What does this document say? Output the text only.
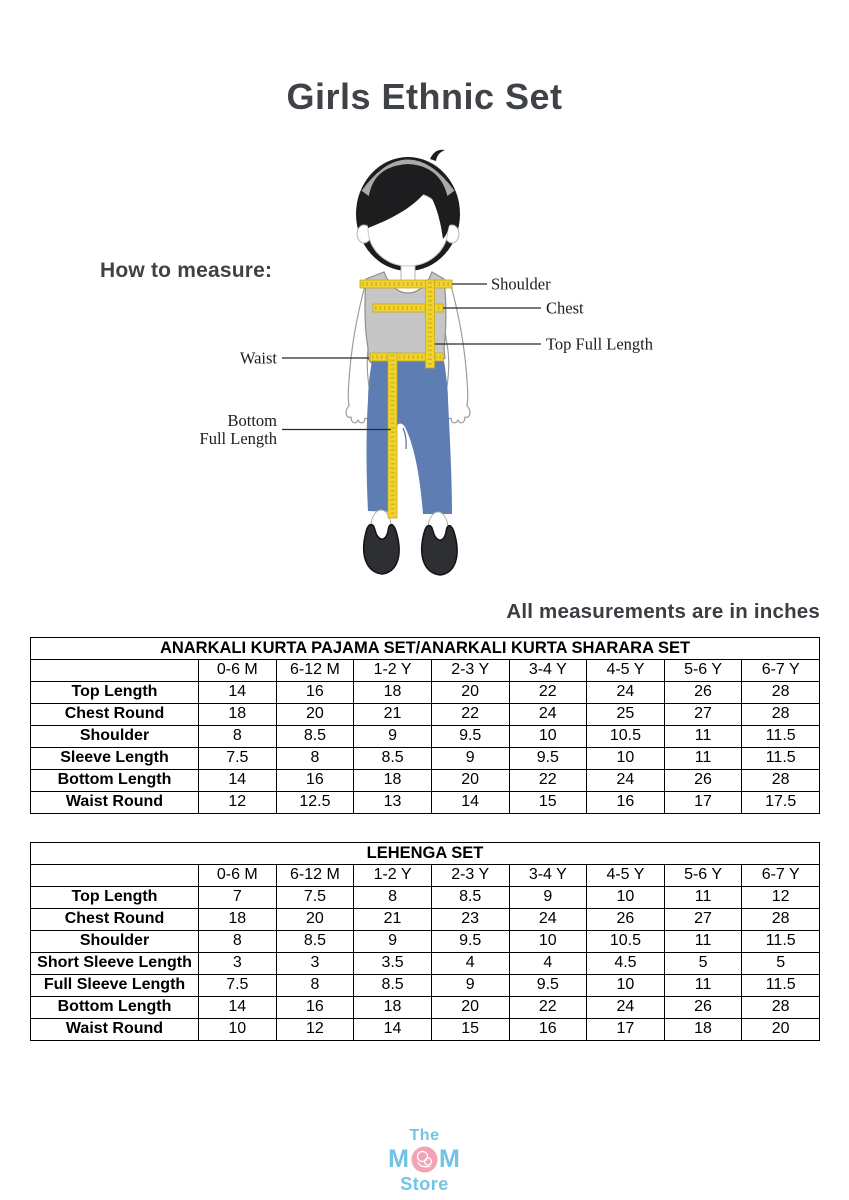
Girls Ethnic Set
How to measure:
Shoulder
Chest
Top Full Length
Waist
Bottom
Full Length
All measurements are in inches
ANARKALI KURTA PAJAMA SET/ANARKALI KURTA SHARARA SET								
	0-6 M	6-12 M	1-2 Y	2-3 Y	3-4 Y	4-5 Y	5-6 Y	6-7 Y
Top Length	14	16	18	20	22	24	26	28
Chest Round	18	20	21	22	24	25	27	28
Shoulder	8	8.5	9	9.5	10	10.5	11	11.5
Sleeve Length	7.5	8	8.5	9	9.5	10	11	11.5
Bottom Length	14	16	18	20	22	24	26	28
Waist Round	12	12.5	13	14	15	16	17	17.5
LEHENGA SET								
	0-6 M	6-12 M	1-2 Y	2-3 Y	3-4 Y	4-5 Y	5-6 Y	6-7 Y
Top Length	7	7.5	8	8.5	9	10	11	12
Chest Round	18	20	21	23	24	26	27	28
Shoulder	8	8.5	9	9.5	10	10.5	11	11.5
Short Sleeve Length	3	3	3.5	4	4	4.5	5	5
Full Sleeve Length	7.5	8	8.5	9	9.5	10	11	11.5
Bottom Length	14	16	18	20	22	24	26	28
Waist Round	10	12	14	15	16	17	18	20
The
M M
Store
